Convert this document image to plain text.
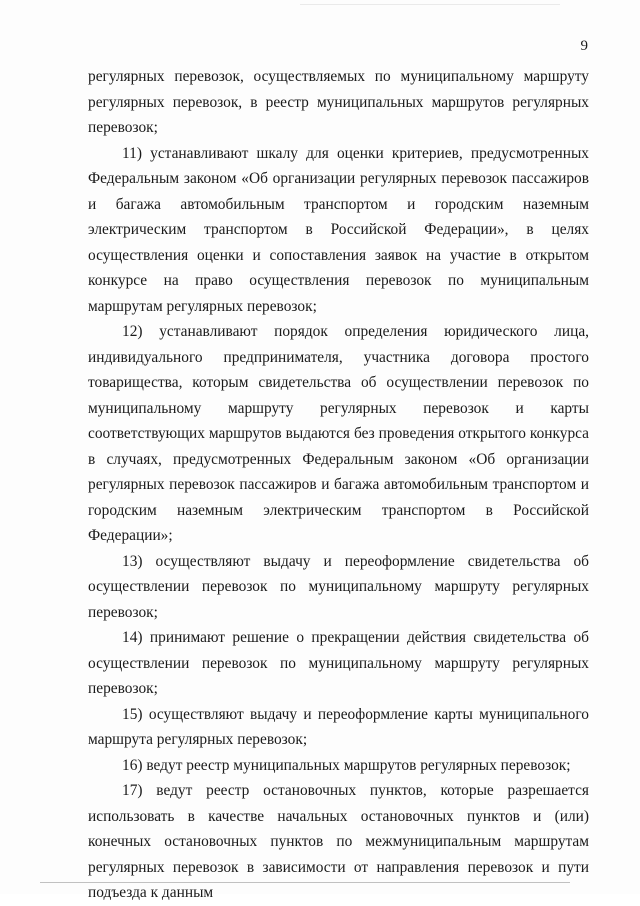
9

регулярных перевозок, осуществляемых по муниципальному маршруту регулярных перевозок, в реестр муниципальных маршрутов регулярных перевозок;

11) устанавливают шкалу для оценки критериев, предусмотренных Федеральным законом «Об организации регулярных перевозок пассажиров и багажа автомобильным транспортом и городским наземным электрическим транспортом в Российской Федерации», в целях осуществления оценки и сопоставления заявок на участие в открытом конкурсе на право осуществления перевозок по муниципальным маршрутам регулярных перевозок;

12) устанавливают порядок определения юридического лица, индивидуального предпринимателя, участника договора простого товарищества, которым свидетельства об осуществлении перевозок по муниципальному маршруту регулярных перевозок и карты соответствующих маршрутов выдаются без проведения открытого конкурса в случаях, предусмотренных Федеральным законом «Об организации регулярных перевозок пассажиров и багажа автомобильным транспортом и городским наземным электрическим транспортом в Российской Федерации»;

13) осуществляют выдачу и переоформление свидетельства об осуществлении перевозок по муниципальному маршруту регулярных перевозок;

14) принимают решение о прекращении действия свидетельства об осуществлении перевозок по муниципальному маршруту регулярных перевозок;

15) осуществляют выдачу и переоформление карты муниципального маршрута регулярных перевозок;

16) ведут реестр муниципальных маршрутов регулярных перевозок;

17) ведут реестр остановочных пунктов, которые разрешается использовать в качестве начальных остановочных пунктов и (или) конечных остановочных пунктов по межмуниципальным маршрутам регулярных перевозок в зависимости от направления перевозок и пути подъезда к данным
